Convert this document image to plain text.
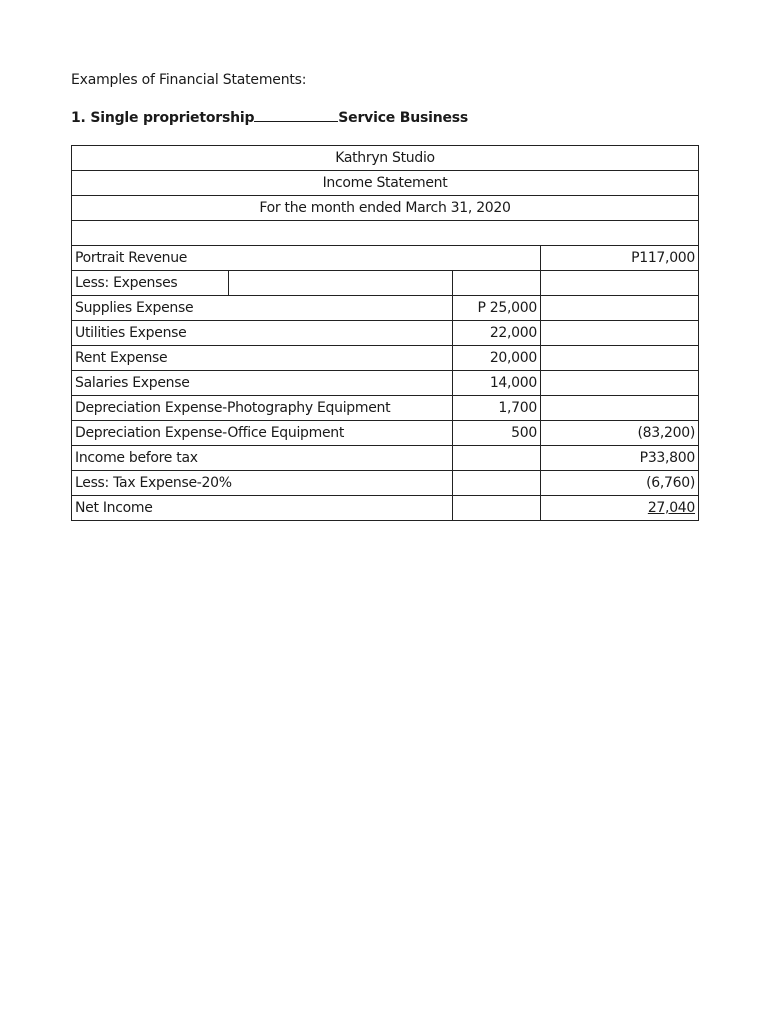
Examples of Financial Statements:
1. Single proprietorship	Service Business
Kathryn Studio			
Income Statement			
For the month ended March 31, 2020			

Portrait Revenue			P117,000
Less: Expenses			
Supplies Expense		P 25,000	
Utilities Expense		22,000	
Rent Expense		20,000	
Salaries Expense		14,000	
Depreciation Expense-Photography Equipment		1,700	
Depreciation Expense-Office Equipment		500	(83,200)
Income before tax			P33,800
Less: Tax Expense-20%			(6,760)
Net Income			27,040
